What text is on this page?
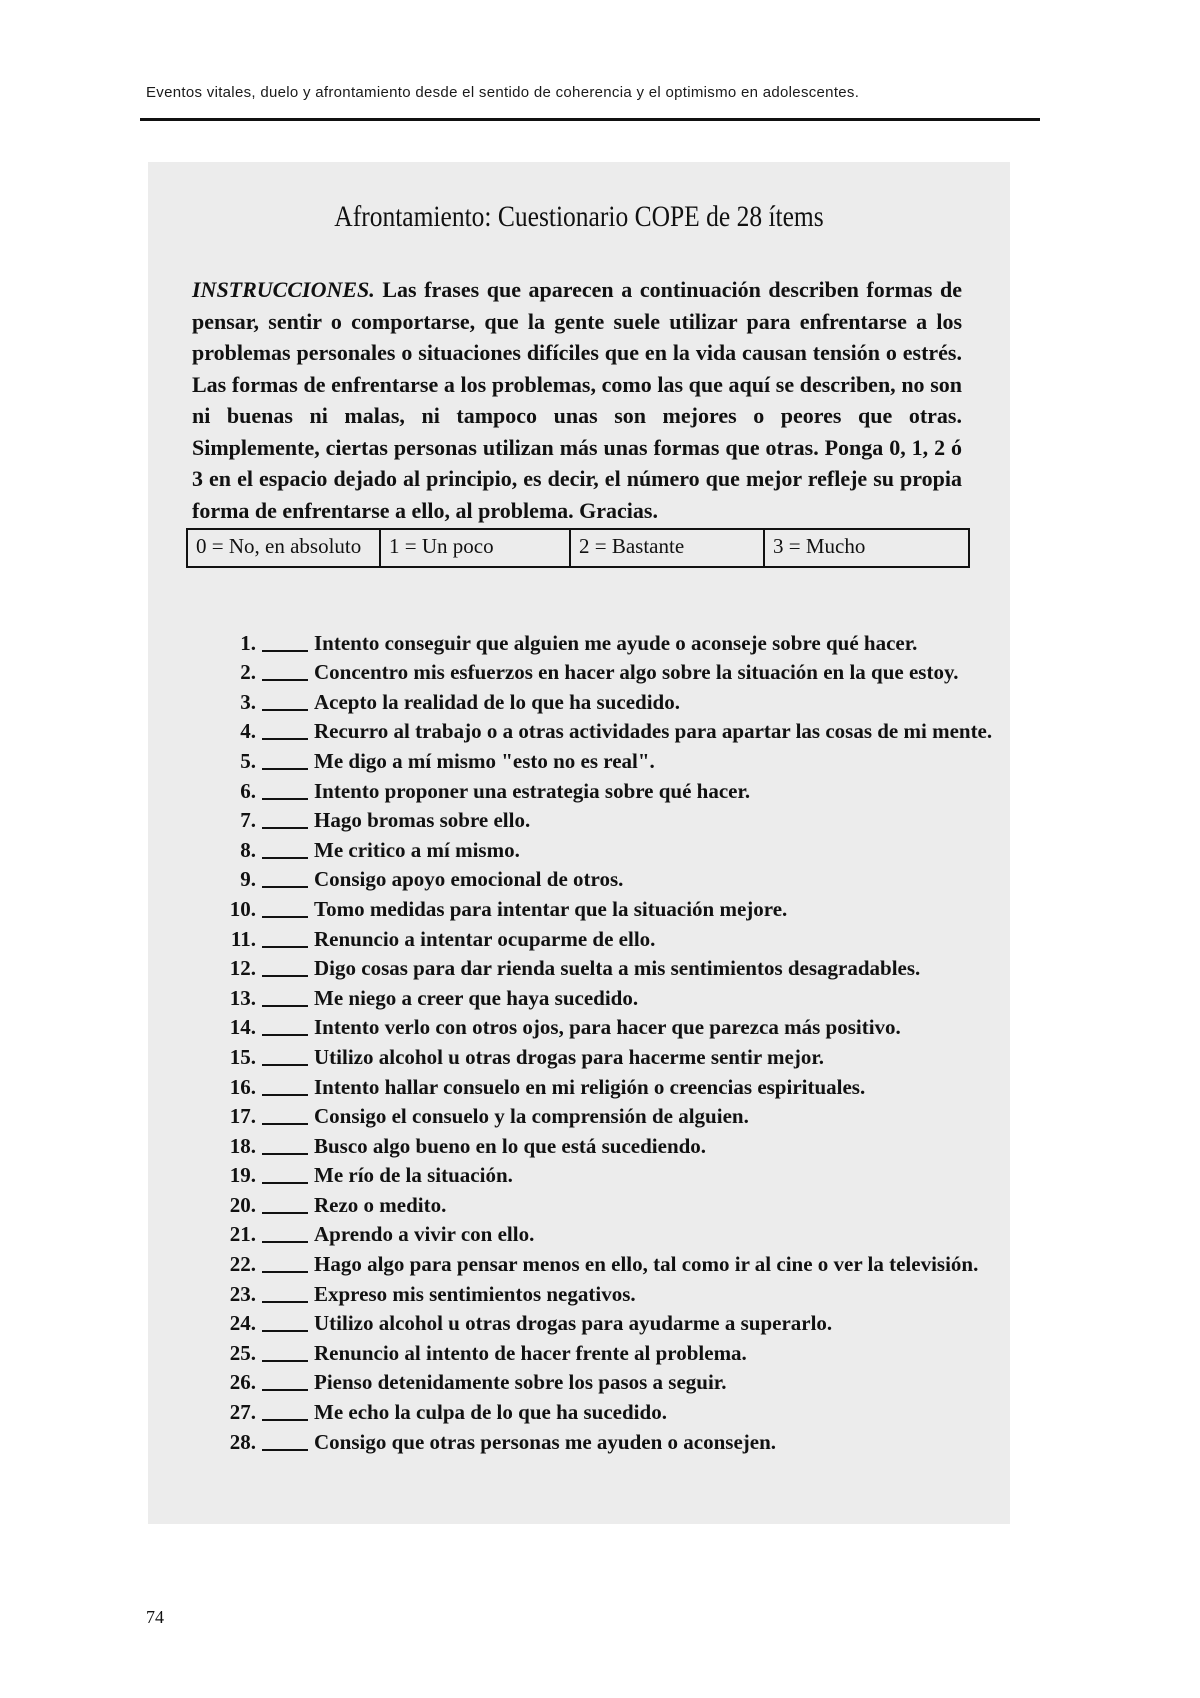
Eventos vitales, duelo y afrontamiento desde el sentido de coherencia y el optimismo en adolescentes.
Afrontamiento: Cuestionario COPE de 28 ítems
INSTRUCCIONES. Las frases que aparecen a continuación describen formas de pensar, sentir o comportarse, que la gente suele utilizar para enfrentarse a los problemas personales o situaciones difíciles que en la vida causan tensión o estrés. Las formas de enfrentarse a los problemas, como las que aquí se describen, no son ni buenas ni malas, ni tampoco unas son mejores o peores que otras. Simplemente, ciertas personas utilizan más unas formas que otras. Ponga 0, 1, 2 ó 3 en el espacio dejado al principio, es decir, el número que mejor refleje su propia forma de enfrentarse a ello, al problema. Gracias.
0 = No, en absoluto	1 = Un poco	2 = Bastante	3 = Mucho
1.	Intento conseguir que alguien me ayude o aconseje sobre qué hacer.
2.	Concentro mis esfuerzos en hacer algo sobre la situación en la que estoy.
3.	Acepto la realidad de lo que ha sucedido.
4.	Recurro al trabajo o a otras actividades para apartar las cosas de mi mente.
5.	Me digo a mí mismo "esto no es real".
6.	Intento proponer una estrategia sobre qué hacer.
7.	Hago bromas sobre ello.
8.	Me critico a mí mismo.
9.	Consigo apoyo emocional de otros.
10.	Tomo medidas para intentar que la situación mejore.
11.	Renuncio a intentar ocuparme de ello.
12.	Digo cosas para dar rienda suelta a mis sentimientos desagradables.
13.	Me niego a creer que haya sucedido.
14.	Intento verlo con otros ojos, para hacer que parezca más positivo.
15.	Utilizo alcohol u otras drogas para hacerme sentir mejor.
16.	Intento hallar consuelo en mi religión o creencias espirituales.
17.	Consigo el consuelo y la comprensión de alguien.
18.	Busco algo bueno en lo que está sucediendo.
19.	Me río de la situación.
20.	Rezo o medito.
21.	Aprendo a vivir con ello.
22.	Hago algo para pensar menos en ello, tal como ir al cine o ver la televisión.
23.	Expreso mis sentimientos negativos.
24.	Utilizo alcohol u otras drogas para ayudarme a superarlo.
25.	Renuncio al intento de hacer frente al problema.
26.	Pienso detenidamente sobre los pasos a seguir.
27.	Me echo la culpa de lo que ha sucedido.
28.	Consigo que otras personas me ayuden o aconsejen.
74
